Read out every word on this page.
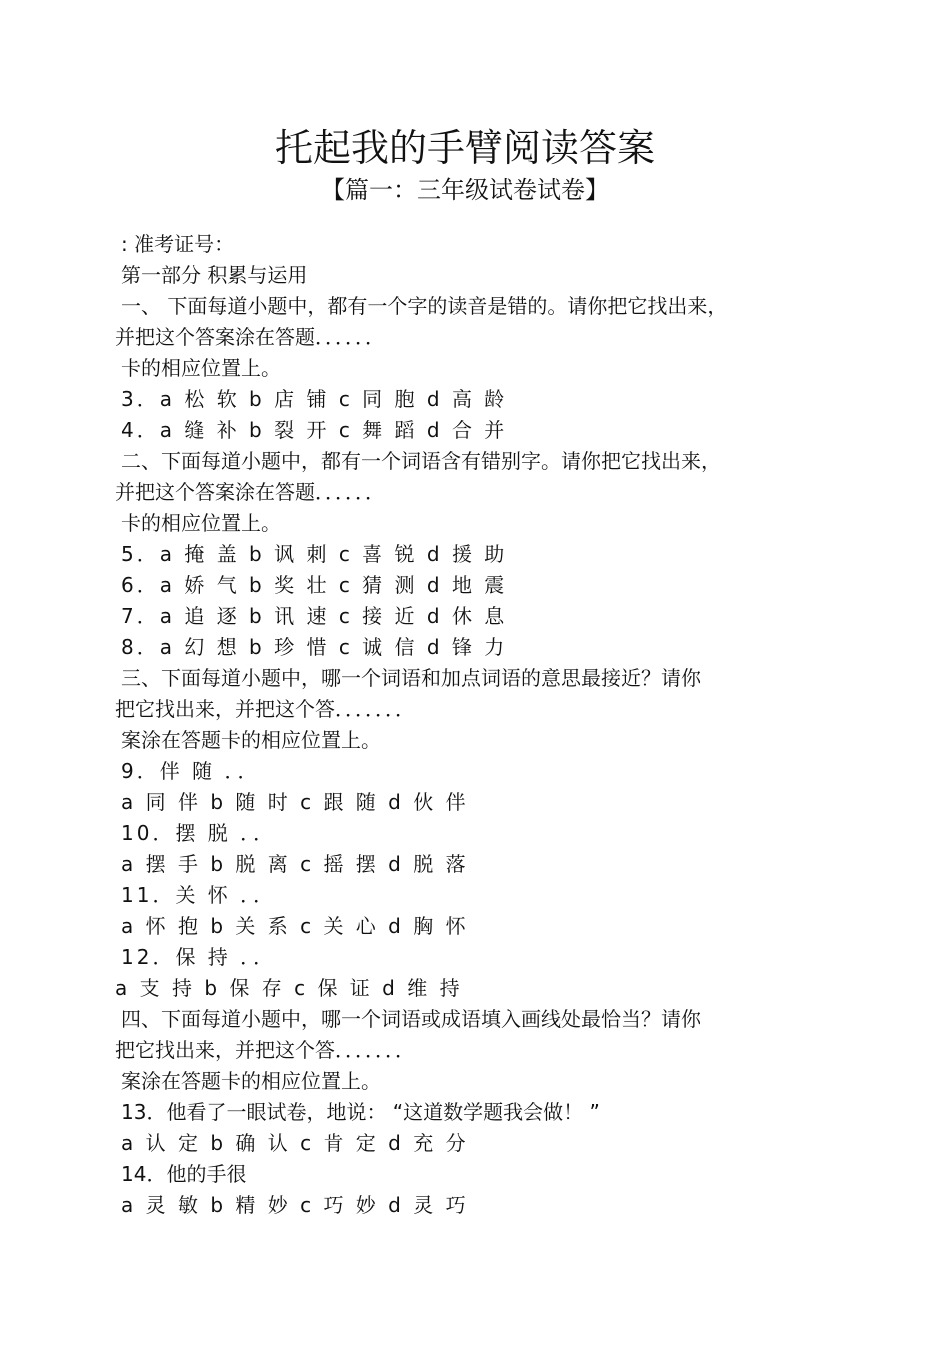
托起我的手臂阅读答案
【篇一：三年级试卷试卷】
: 准考证号：
第一部分 积累与运用
一、 下面每道小题中，都有一个字的读音是错的。请你把它找出来，
并把这个答案涂在答题．．．．．．
卡的相应位置上。
3．a 松 软 b 店 铺 c 同 胞 d 高 龄
4．a 缝 补 b 裂 开 c 舞 蹈 d 合 并
二、下面每道小题中，都有一个词语含有错别字。请你把它找出来，
并把这个答案涂在答题．．．．．．
卡的相应位置上。
5．a 掩 盖 b 讽 刺 c 喜 锐 d 援 助
6．a 娇 气 b 奖 壮 c 猜 测 d 地 震
7．a 追 逐 b 讯 速 c 接 近 d 休 息
8．a 幻 想 b 珍 惜 c 诚 信 d 锋 力
三、下面每道小题中，哪一个词语和加点词语的意思最接近？请你
把它找出来，并把这个答．．．．．．．
案涂在答题卡的相应位置上。
9．伴 随 ．．
a 同 伴 b 随 时 c 跟 随 d 伙 伴
10．摆 脱 ．．
a 摆 手 b 脱 离 c 摇 摆 d 脱 落
11．关 怀 ．．
a 怀 抱 b 关 系 c 关 心 d 胸 怀
12．保 持 ．．
a 支 持 b 保 存 c 保 证 d 维 持
四、下面每道小题中，哪一个词语或成语填入画线处最恰当？请你
把它找出来，并把这个答．．．．．．．
案涂在答题卡的相应位置上。
13．他看了一眼试卷，地说： “这道数学题我会做！ ”
a 认 定 b 确 认 c 肯 定 d 充 分
14．他的手很
a 灵 敏 b 精 妙 c 巧 妙 d 灵 巧
